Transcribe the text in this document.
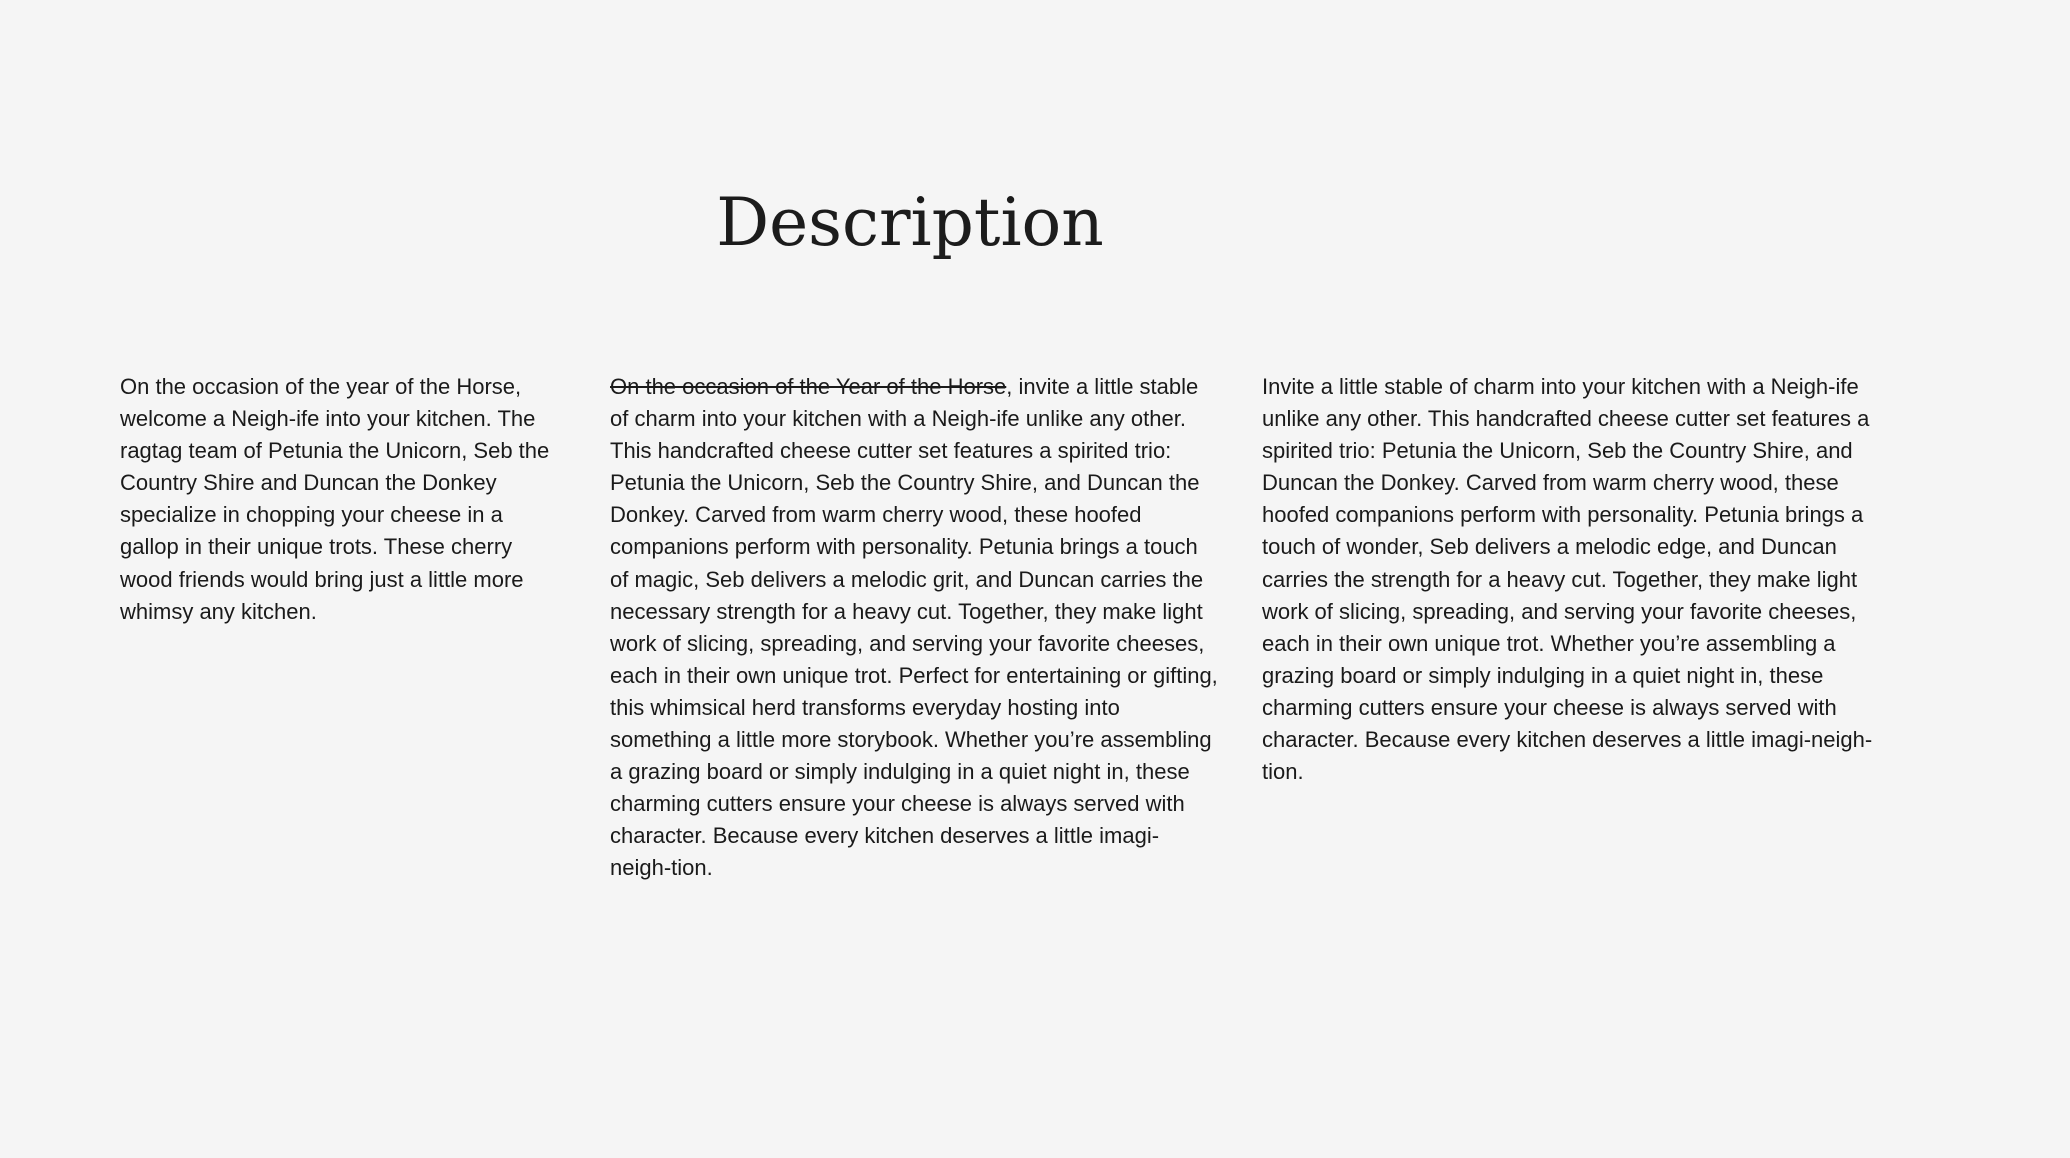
Description

On the occasion of the year of the Horse, welcome a Neigh-ife into your kitchen. The ragtag team of Petunia the Unicorn, Seb the Country Shire and Duncan the Donkey specialize in chopping your cheese in a gallop in their unique trots. These cherry wood friends would bring just a little more whimsy any kitchen.

On the occasion of the Year of the Horse, invite a little stable of charm into your kitchen with a Neigh-ife unlike any other. This handcrafted cheese cutter set features a spirited trio: Petunia the Unicorn, Seb the Country Shire, and Duncan the Donkey. Carved from warm cherry wood, these hoofed companions perform with personality. Petunia brings a touch of magic, Seb delivers a melodic grit, and Duncan carries the necessary strength for a heavy cut. Together, they make light work of slicing, spreading, and serving your favorite cheeses, each in their own unique trot. Perfect for entertaining or gifting, this whimsical herd transforms everyday hosting into something a little more storybook. Whether you’re assembling a grazing board or simply indulging in a quiet night in, these charming cutters ensure your cheese is always served with character. Because every kitchen deserves a little imagi-neigh-tion.

Invite a little stable of charm into your kitchen with a Neigh-ife unlike any other. This handcrafted cheese cutter set features a spirited trio: Petunia the Unicorn, Seb the Country Shire, and Duncan the Donkey. Carved from warm cherry wood, these hoofed companions perform with personality. Petunia brings a touch of wonder, Seb delivers a melodic edge, and Duncan carries the strength for a heavy cut. Together, they make light work of slicing, spreading, and serving your favorite cheeses, each in their own unique trot. Whether you’re assembling a grazing board or simply indulging in a quiet night in, these charming cutters ensure your cheese is always served with character. Because every kitchen deserves a little imagi-neigh-tion.
